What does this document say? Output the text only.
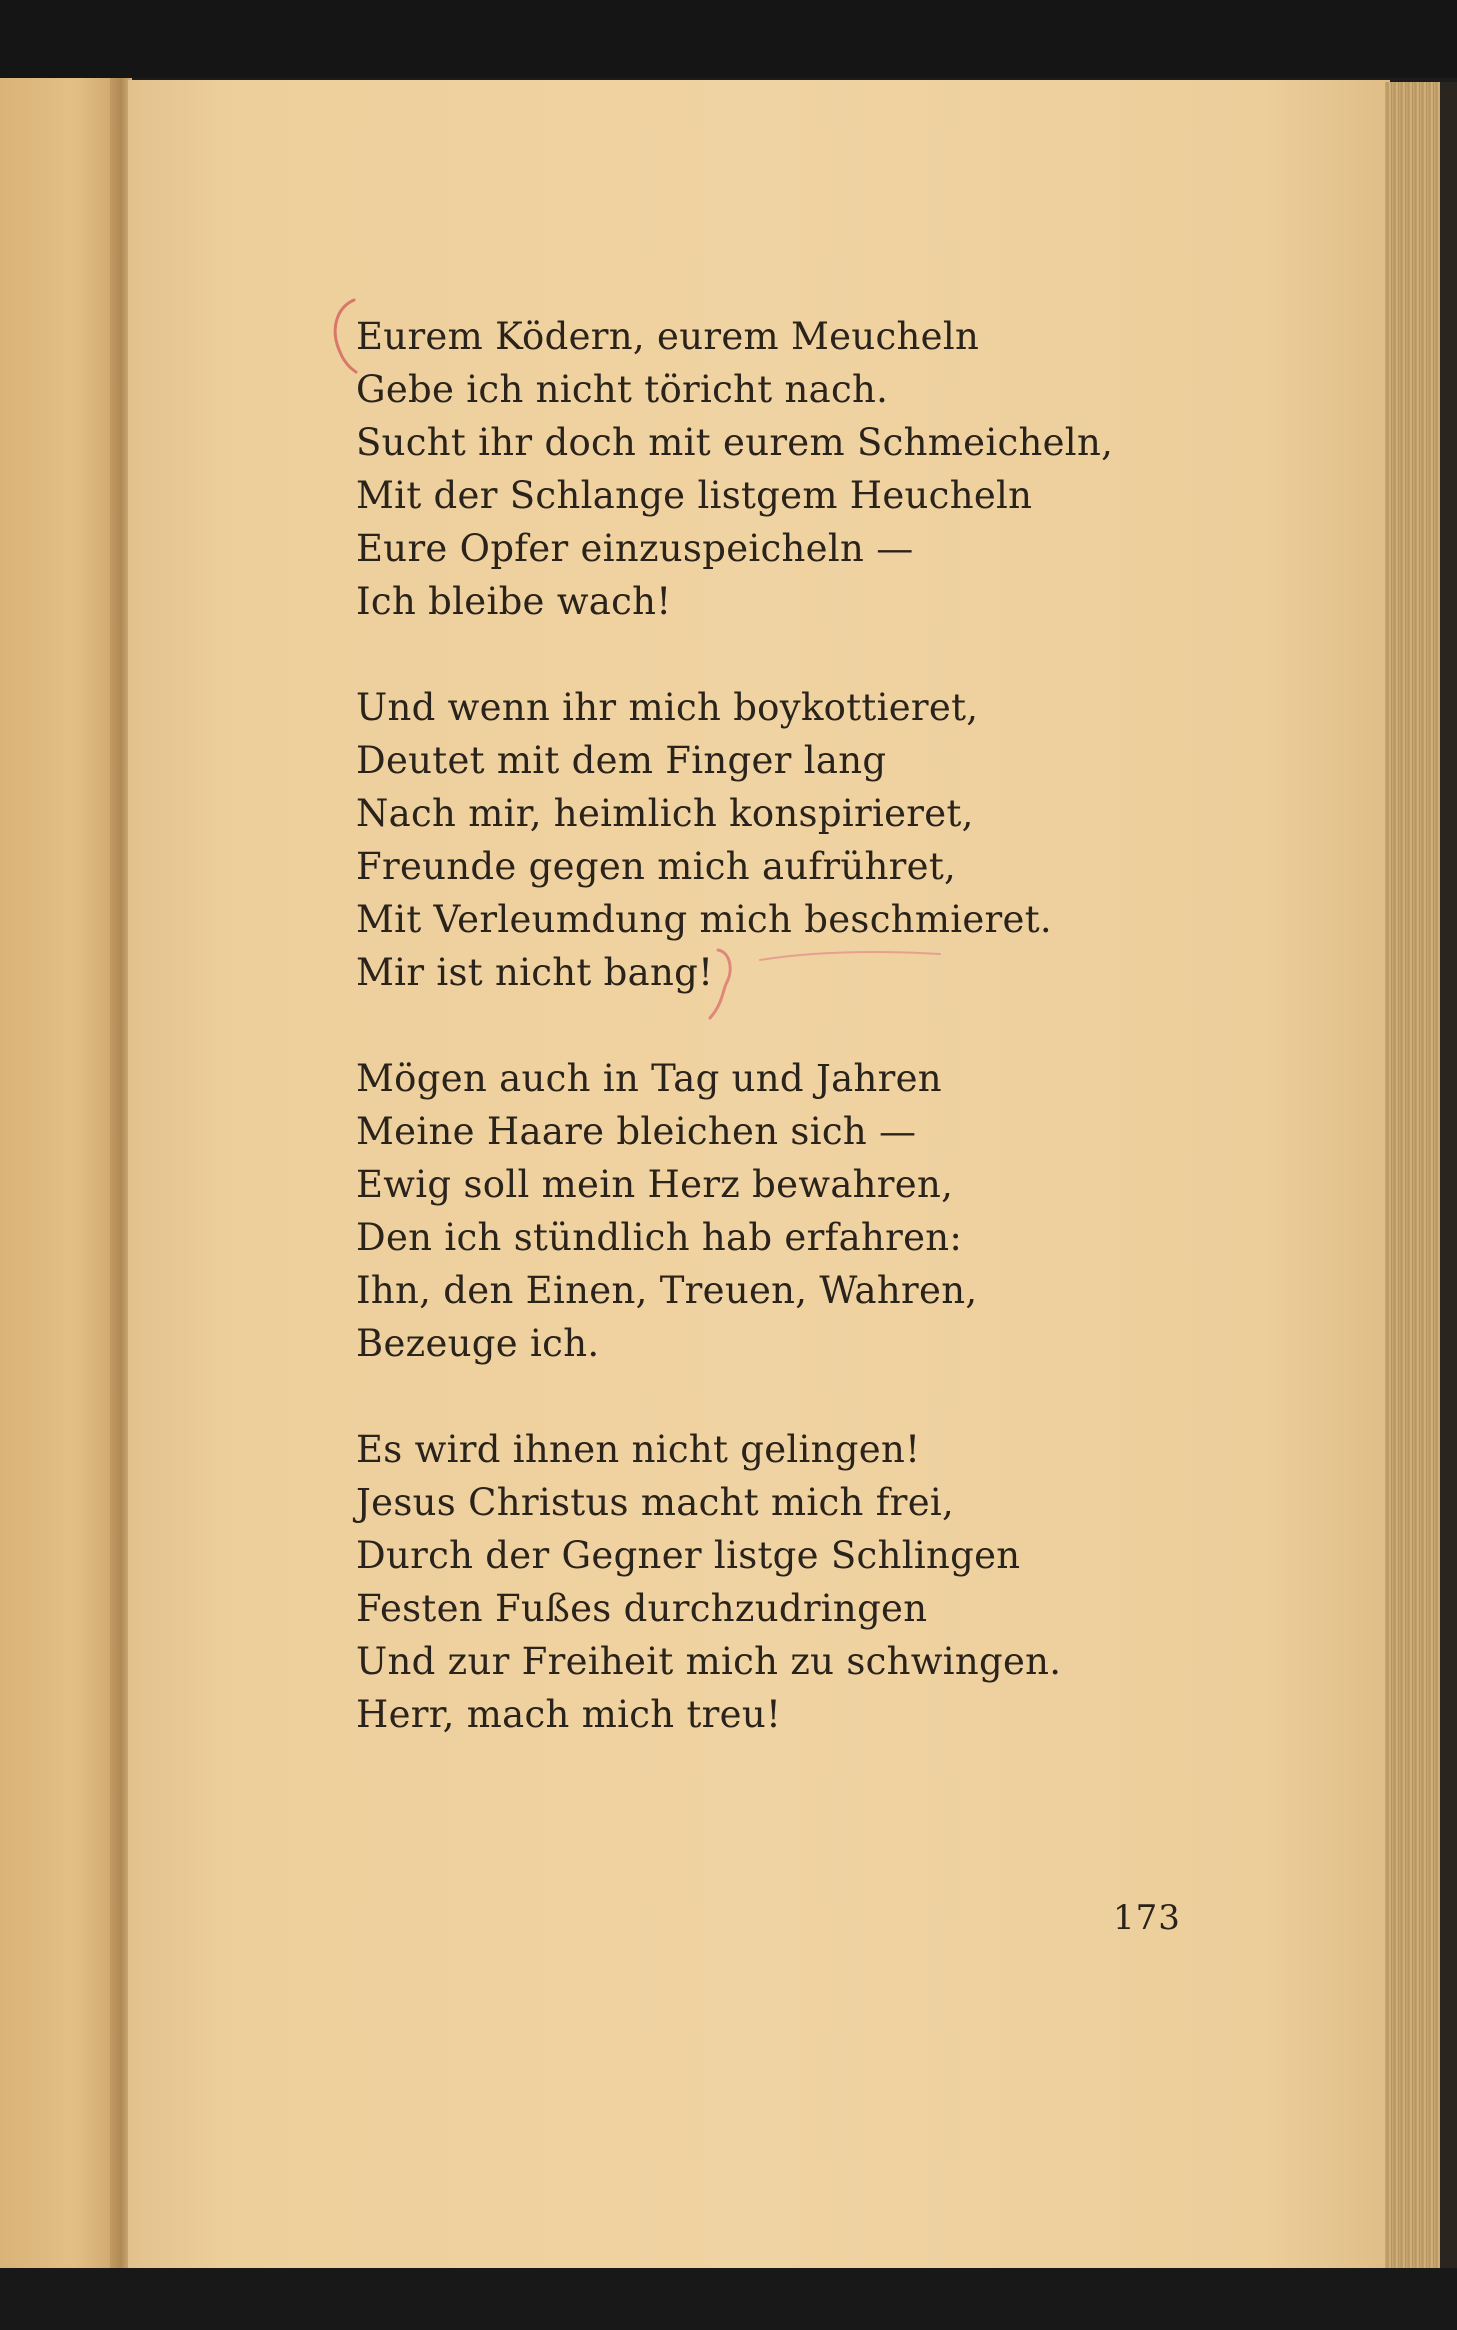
Eurem Ködern, eurem Meucheln
Gebe ich nicht töricht nach.
Sucht ihr doch mit eurem Schmeicheln,
Mit der Schlange listgem Heucheln
Eure Opfer einzuspeicheln —
Ich bleibe wach!
Und wenn ihr mich boykottieret,
Deutet mit dem Finger lang
Nach mir, heimlich konspirieret,
Freunde gegen mich aufrühret,
Mit Verleumdung mich beschmieret.
Mir ist nicht bang!
Mögen auch in Tag und Jahren
Meine Haare bleichen sich —
Ewig soll mein Herz bewahren,
Den ich stündlich hab erfahren:
Ihn, den Einen, Treuen, Wahren,
Bezeuge ich.
Es wird ihnen nicht gelingen!
Jesus Christus macht mich frei,
Durch der Gegner listge Schlingen
Festen Fußes durchzudringen
Und zur Freiheit mich zu schwingen.
Herr, mach mich treu!
173
